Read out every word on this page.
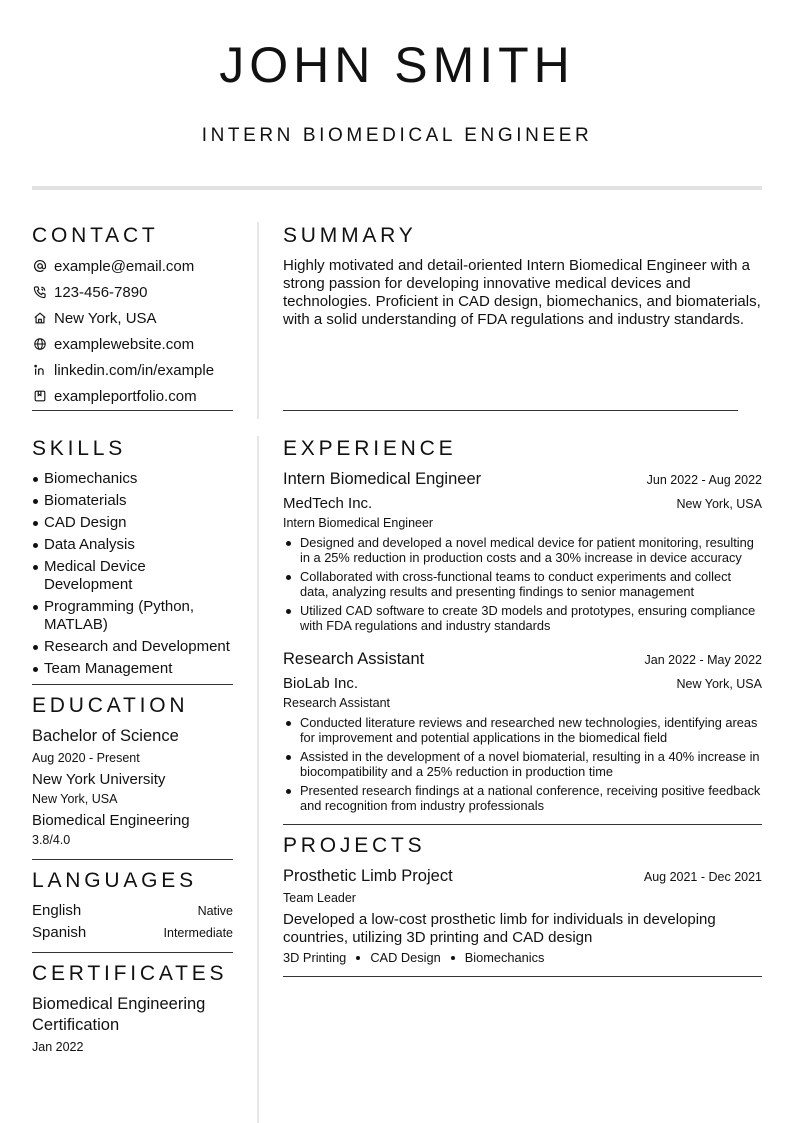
JOHN SMITH
INTERN BIOMEDICAL ENGINEER
CONTACT
example@email.com
123-456-7890
New York, USA
examplewebsite.com
linkedin.com/in/example
exampleportfolio.com
SUMMARY
Highly motivated and detail-oriented Intern Biomedical Engineer with a strong passion for developing innovative medical devices and technologies. Proficient in CAD design, biomechanics, and biomaterials, with a solid understanding of FDA regulations and industry standards.
SKILLS
Biomechanics
Biomaterials
CAD Design
Data Analysis
Medical Device Development
Programming (Python, MATLAB)
Research and Development
Team Management
EDUCATION
Bachelor of Science
Aug 2020 - Present
New York University
New York, USA
Biomedical Engineering
3.8/4.0
LANGUAGES
English	Native
Spanish	Intermediate
CERTIFICATES
Biomedical Engineering
Certification
Jan 2022
EXPERIENCE
Intern Biomedical Engineer	Jun 2022 - Aug 2022
MedTech Inc.	New York, USA
Intern Biomedical Engineer
Designed and developed a novel medical device for patient monitoring, resulting in a 25% reduction in production costs and a 30% increase in device accuracy
Collaborated with cross-functional teams to conduct experiments and collect data, analyzing results and presenting findings to senior management
Utilized CAD software to create 3D models and prototypes, ensuring compliance with FDA regulations and industry standards
Research Assistant	Jan 2022 - May 2022
BioLab Inc.	New York, USA
Research Assistant
Conducted literature reviews and researched new technologies, identifying areas for improvement and potential applications in the biomedical field
Assisted in the development of a novel biomaterial, resulting in a 40% increase in biocompatibility and a 25% reduction in production time
Presented research findings at a national conference, receiving positive feedback and recognition from industry professionals
PROJECTS
Prosthetic Limb Project	Aug 2021 - Dec 2021
Team Leader
Developed a low-cost prosthetic limb for individuals in developing countries, utilizing 3D printing and CAD design
3D Printing CAD Design Biomechanics
